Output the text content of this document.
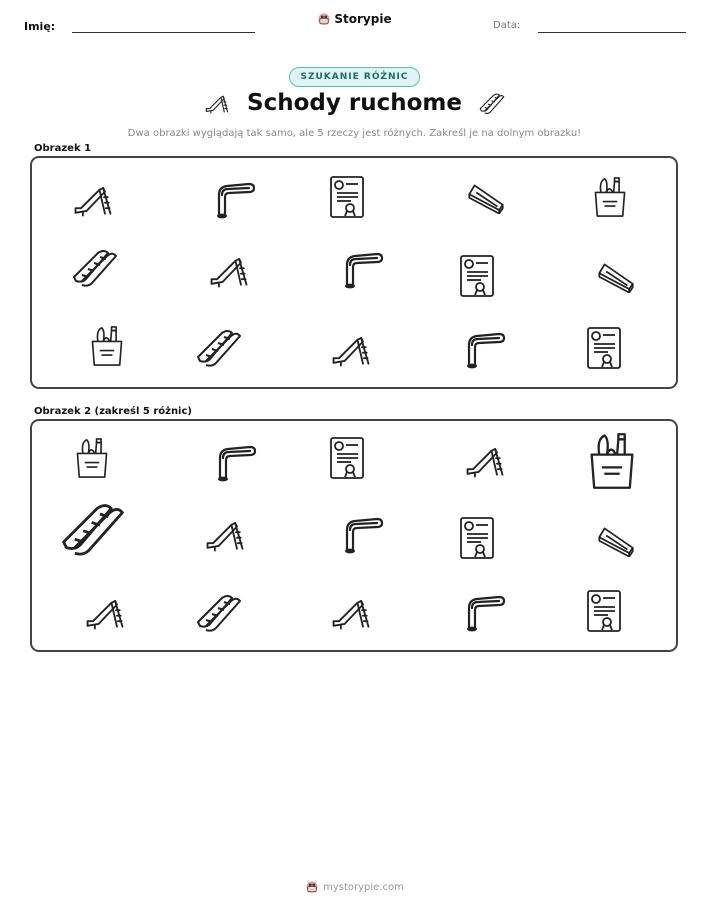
Imię:
Storypie	Data:
SZUKANIE RÓŻNIC
Schody ruchome
Dwa obrazki wyglądają tak samo, ale 5 rzeczy jest różnych. Zakreśl je na dolnym obrazku!
Obrazek 1
Obrazek 2 (zakreśl 5 różnic)
mystorypie.com
